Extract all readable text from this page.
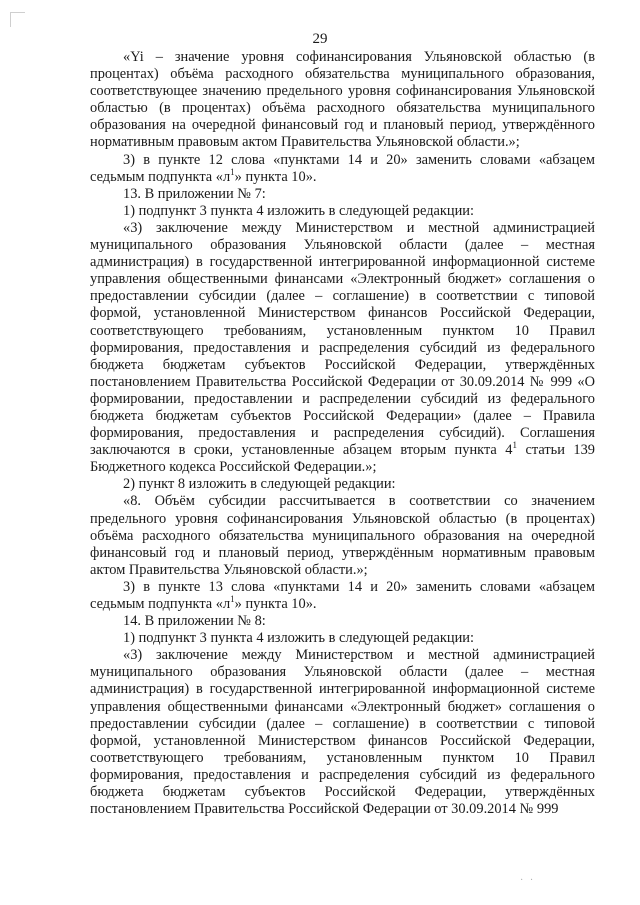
29

«Yi – значение уровня софинансирования Ульяновской областью (в процентах) объёма расходного обязательства муниципального образования, соответствующее значению предельного уровня софинансирования Ульяновской областью (в процентах) объёма расходного обязательства муниципального образования на очередной финансовый год и плановый период, утверждённого нормативным правовым актом Правительства Ульяновской области.»;

3) в пункте 12 слова «пунктами 14 и 20» заменить словами «абзацем седьмым подпункта «$л^1$» пункта 10».

13. В приложении № 7:

1) подпункт 3 пункта 4 изложить в следующей редакции:

«3) заключение между Министерством и местной администрацией муниципального образования Ульяновской области (далее – местная администрация) в государственной интегрированной информационной системе управления общественными финансами «Электронный бюджет» соглашения о предоставлении субсидии (далее – соглашение) в соответствии с типовой формой, установленной Министерством финансов Российской Федерации, соответствующего требованиям, установленным пунктом 10 Правил формирования, предоставления и распределения субсидий из федерального бюджета бюджетам субъектов Российской Федерации, утверждённых постановлением Правительства Российской Федерации от 30.09.2014 № 999 «О формировании, предоставлении и распределении субсидий из федерального бюджета бюджетам субъектов Российской Федерации» (далее – Правила формирования, предоставления и распределения субсидий). Соглашения заключаются в сроки, установленные абзацем вторым пункта $4^1$ статьи 139 Бюджетного кодекса Российской Федерации.»;

2) пункт 8 изложить в следующей редакции:

«8. Объём субсидии рассчитывается в соответствии со значением предельного уровня софинансирования Ульяновской областью (в процентах) объёма расходного обязательства муниципального образования на очередной финансовый год и плановый период, утверждённым нормативным правовым актом Правительства Ульяновской области.»;

3) в пункте 13 слова «пунктами 14 и 20» заменить словами «абзацем седьмым подпункта «$л^1$» пункта 10».

14. В приложении № 8:

1) подпункт 3 пункта 4 изложить в следующей редакции:

«3) заключение между Министерством и местной администрацией муниципального образования Ульяновской области (далее – местная администрация) в государственной интегрированной информационной системе управления общественными финансами «Электронный бюджет» соглашения о предоставлении субсидии (далее – соглашение) в соответствии с типовой формой, установленной Министерством финансов Российской Федерации, соответствующего требованиям, установленным пунктом 10 Правил формирования, предоставления и распределения субсидий из федерального бюджета бюджетам субъектов Российской Федерации, утверждённых постановлением Правительства Российской Федерации от 30.09.2014 № 999

· ·
